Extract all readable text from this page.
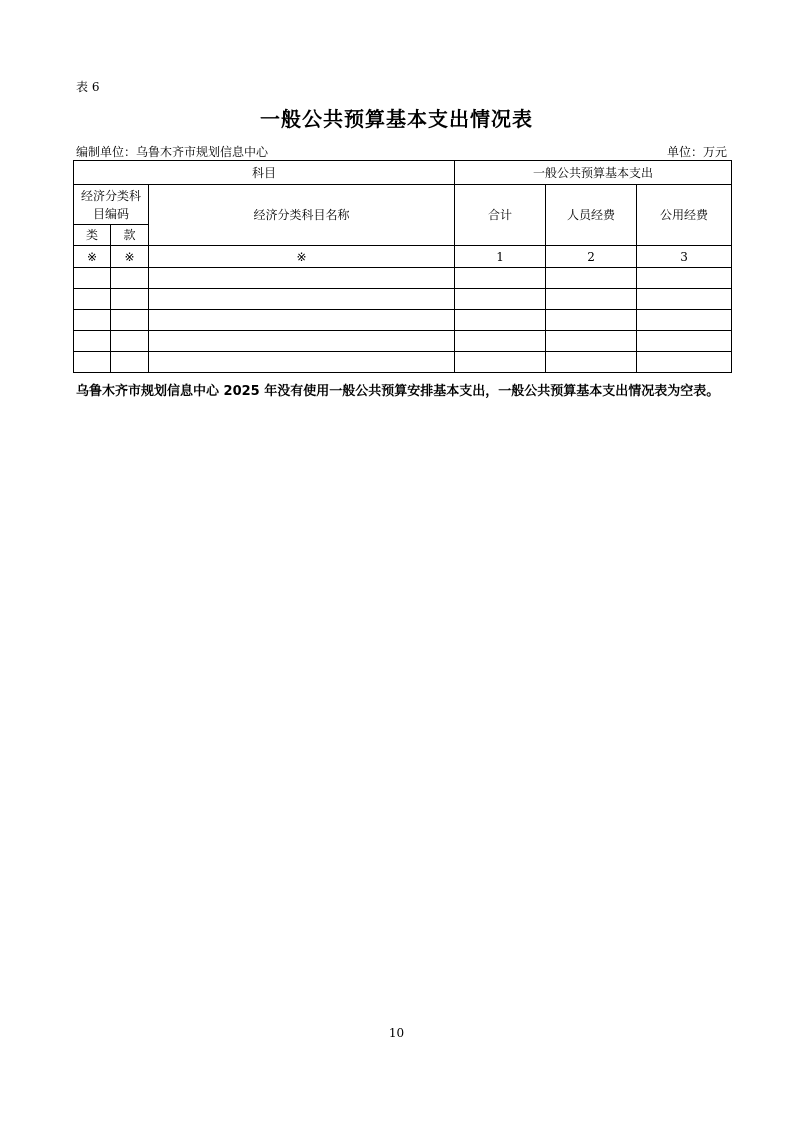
表 6
一般公共预算基本支出情况表
编制单位：乌鲁木齐市规划信息中心	单位：万元
科目			一般公共预算基本支出		
经济分类科目编码		经济分类科目名称	合计	人员经费	公用经费
类	款				
※	※	※	1	2	3

乌鲁木齐市规划信息中心 2025 年没有使用一般公共预算安排基本支出，一般公共预算基本支出情况表为空表。
10
